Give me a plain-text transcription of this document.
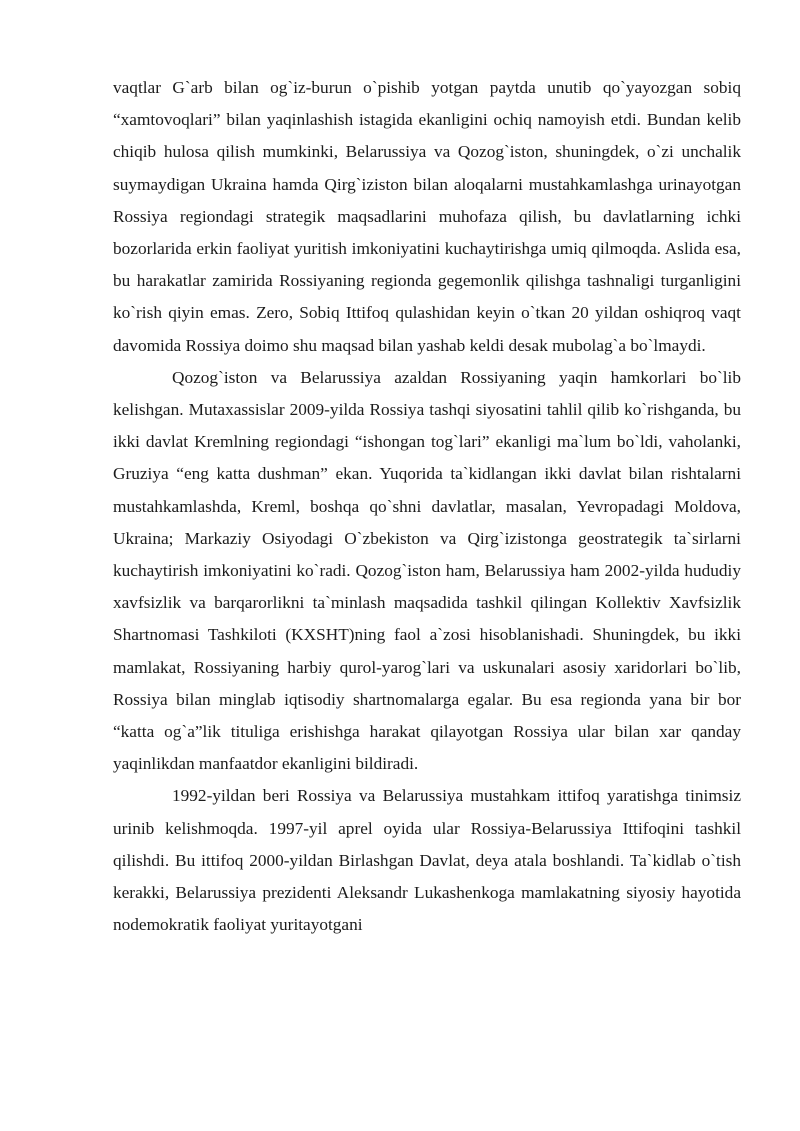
vaqtlar G`arb bilan og`iz-burun o`pishib yotgan paytda unutib qo`yayozgan sobiq “xamtovoqlari” bilan yaqinlashish istagida ekanligini ochiq namoyish etdi. Bundan kelib chiqib hulosa qilish mumkinki, Belarussiya va Qozog`iston, shuningdek, o`zi unchalik suymaydigan Ukraina hamda Qirg`iziston bilan aloqalarni mustahkamlashga urinayotgan Rossiya regiondagi strategik maqsadlarini muhofaza qilish, bu davlatlarning ichki bozorlarida erkin faoliyat yuritish imkoniyatini kuchaytirishga umiq qilmoqda. Aslida esa, bu harakatlar zamirida Rossiyaning regionda gegemonlik qilishga tashnaligi turganligini ko`rish qiyin emas. Zero, Sobiq Ittifoq qulashidan keyin o`tkan 20 yildan oshiqroq vaqt davomida Rossiya doimo shu maqsad bilan yashab keldi desak mubolag`a bo`lmaydi.

Qozog`iston va Belarussiya azaldan Rossiyaning yaqin hamkorlari bo`lib kelishgan. Mutaxassislar 2009-yilda Rossiya tashqi siyosatini tahlil qilib ko`rishganda, bu ikki davlat Kremlning regiondagi “ishongan tog`lari” ekanligi ma`lum bo`ldi, vaholanki, Gruziya “eng katta dushman” ekan. Yuqorida ta`kidlangan ikki davlat bilan rishtalarni mustahkamlashda, Kreml, boshqa qo`shni davlatlar, masalan, Yevropadagi Moldova, Ukraina; Markaziy Osiyodagi O`zbekiston va Qirg`izistonga geostrategik ta`sirlarni kuchaytirish imkoniyatini ko`radi. Qozog`iston ham, Belarussiya ham 2002-yilda hududiy xavfsizlik va barqarorlikni ta`minlash maqsadida tashkil qilingan Kollektiv Xavfsizlik Shartnomasi Tashkiloti (KXSHT)ning faol a`zosi hisoblanishadi. Shuningdek, bu ikki mamlakat, Rossiyaning harbiy qurol-yarog`lari va uskunalari asosiy xaridorlari bo`lib, Rossiya bilan minglab iqtisodiy shartnomalarga egalar. Bu esa regionda yana bir bor “katta og`a”lik tituliga erishishga harakat qilayotgan Rossiya ular bilan xar qanday yaqinlikdan manfaatdor ekanligini bildiradi.

1992-yildan beri Rossiya va Belarussiya mustahkam ittifoq yaratishga tinimsiz urinib kelishmoqda. 1997-yil aprel oyida ular Rossiya-Belarussiya Ittifoqini tashkil qilishdi. Bu ittifoq 2000-yildan Birlashgan Davlat, deya atala boshlandi. Ta`kidlab o`tish kerakki, Belarussiya prezidenti Aleksandr Lukashenkoga mamlakatning siyosiy hayotida nodemokratik faoliyat yuritayotgani
